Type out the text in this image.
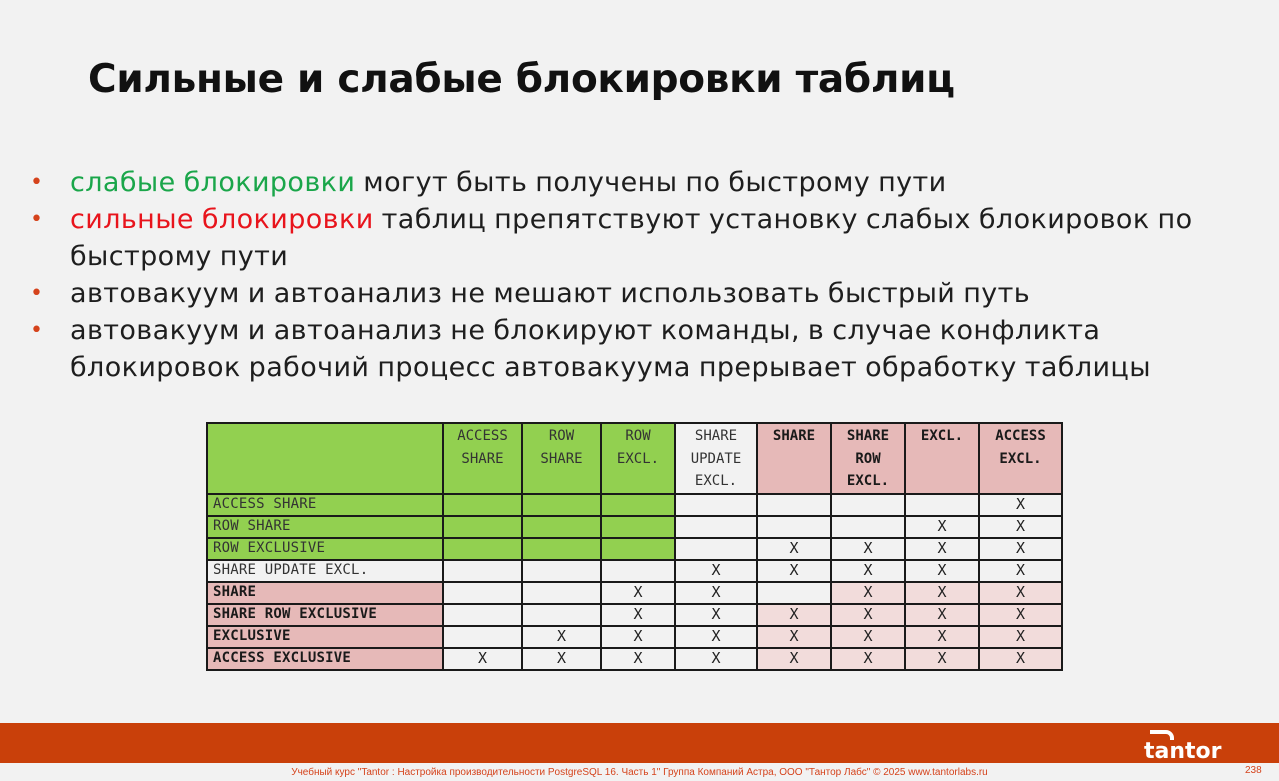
Сильные и слабые блокировки таблиц
• слабые блокировки могут быть получены по быстрому пути
• сильные блокировки таблиц препятствуют установку слабых блокировок по быстрому пути
• автовакуум и автоанализ не мешают использовать быстрый путь
• автовакуум и автоанализ не блокируют команды, в случае конфликта блокировок рабочий процесс автовакуума прерывает обработку таблицы
	ACCESS SHARE	ROW SHARE	ROW EXCL.	SHARE UPDATE EXCL.	SHARE	SHARE ROW EXCL.	EXCL.	ACCESS EXCL.
ACCESS SHARE								X
ROW SHARE							X	X
ROW EXCLUSIVE					X	X	X	X
SHARE UPDATE EXCL.				X	X	X	X	X
SHARE			X	X		X	X	X
SHARE ROW EXCLUSIVE			X	X	X	X	X	X
EXCLUSIVE		X	X	X	X	X	X	X
ACCESS EXCLUSIVE	X	X	X	X	X	X	X	X
tantor
Учебный курс "Tantor : Настройка производительности PostgreSQL 16. Часть 1" Группа Компаний Астра, ООО "Тантор Лабс" © 2025 www.tantorlabs.ru	238
